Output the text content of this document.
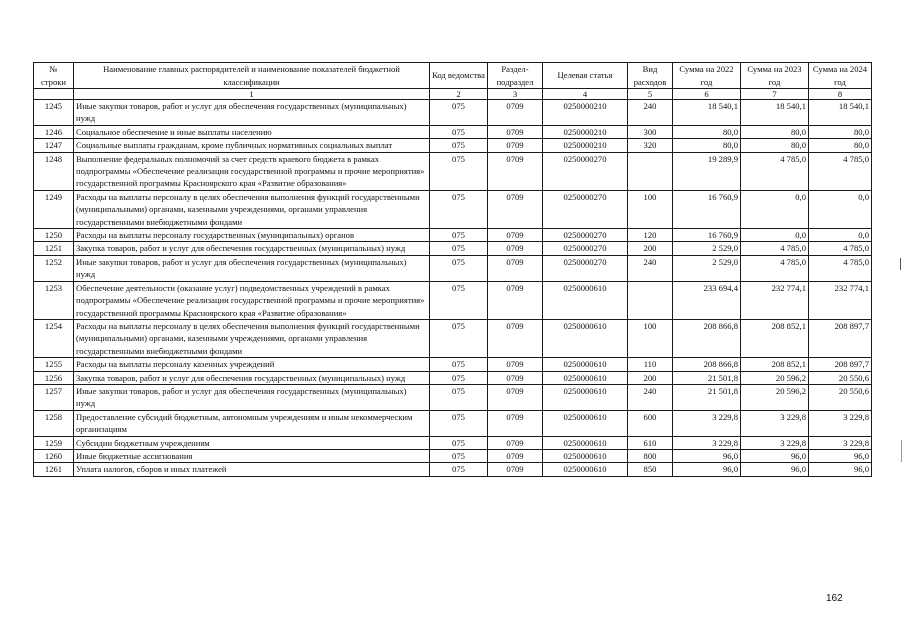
№ строки	Наименование главных распорядителей и наименование показателей бюджетной классификации	Код ведомства	Раздел-подраздел	Целевая статья	Вид расходов	Сумма на 2022 год	Сумма на 2023 год	Сумма на 2024 год
	1	2	3	4	5	6	7	8
1245	Иные закупки товаров, работ и услуг для обеспечения государственных (муниципальных) нужд	075	0709	0250000210	240	18 540,1	18 540,1	18 540,1
1246	Социальное обеспечение и иные выплаты населению	075	0709	0250000210	300	80,0	80,0	80,0
1247	Социальные выплаты гражданам, кроме публичных нормативных социальных выплат	075	0709	0250000210	320	80,0	80,0	80,0
1248	Выполнение федеральных полномочий за счет средств краевого бюджета в рамках подпрограммы «Обеспечение реализации государственной программы и прочие мероприятия» государственной программы Красноярского края «Развитие образования»	075	0709	0250000270		19 289,9	4 785,0	4 785,0
1249	Расходы на выплаты персоналу в целях обеспечения выполнения функций государственными (муниципальными) органами, казенными учреждениями, органами управления государственными внебюджетными фондами	075	0709	0250000270	100	16 760,9	0,0	0,0
1250	Расходы на выплаты персоналу государственных (муниципальных) органов	075	0709	0250000270	120	16 760,9	0,0	0,0
1251	Закупка товаров, работ и услуг для обеспечения государственных (муниципальных) нужд	075	0709	0250000270	200	2 529,0	4 785,0	4 785,0
1252	Иные закупки товаров, работ и услуг для обеспечения государственных (муниципальных) нужд	075	0709	0250000270	240	2 529,0	4 785,0	4 785,0
1253	Обеспечение деятельности (оказание услуг) подведомственных учреждений в рамках подпрограммы «Обеспечение реализации государственной программы и прочие мероприятия» государственной программы Красноярского края «Развитие образования»	075	0709	0250000610		233 694,4	232 774,1	232 774,1
1254	Расходы на выплаты персоналу в целях обеспечения выполнения функций государственными (муниципальными) органами, казенными учреждениями, органами управления государственными внебюджетными фондами	075	0709	0250000610	100	208 866,8	208 852,1	208 897,7
1255	Расходы на выплаты персоналу казенных учреждений	075	0709	0250000610	110	208 866,8	208 852,1	208 897,7
1256	Закупка товаров, работ и услуг для обеспечения государственных (муниципальных) нужд	075	0709	0250000610	200	21 501,8	20 596,2	20 550,6
1257	Иные закупки товаров, работ и услуг для обеспечения государственных (муниципальных) нужд	075	0709	0250000610	240	21 501,8	20 596,2	20 550,6
1258	Предоставление субсидий бюджетным, автономным учреждениям и иным некоммерческим организациям	075	0709	0250000610	600	3 229,8	3 229,8	3 229,8
1259	Субсидии бюджетным учреждениям	075	0709	0250000610	610	3 229,8	3 229,8	3 229,8
1260	Иные бюджетные ассигнования	075	0709	0250000610	800	96,0	96,0	96,0
1261	Уплата налогов, сборов и иных платежей	075	0709	0250000610	850	96,0	96,0	96,0
162
